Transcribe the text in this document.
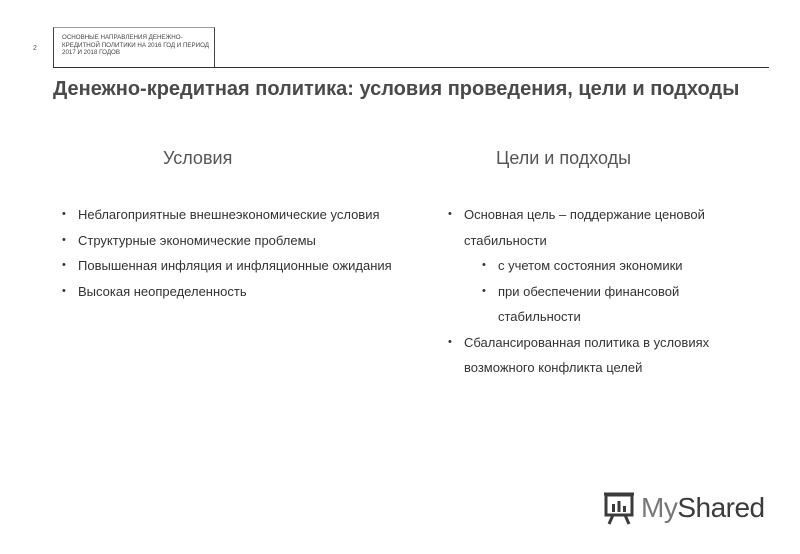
2
ОСНОВНЫЕ НАПРАВЛЕНИЯ ДЕНЕЖНО-КРЕДИТНОЙ ПОЛИТИКИ НА 2016 ГОД И ПЕРИОД 2017 И 2018 ГОДОВ
Денежно-кредитная политика: условия проведения, цели и подходы
Условия	Цели и подходы
• Неблагоприятные внешнеэкономические условия
• Структурные экономические проблемы
• Повышенная инфляция и инфляционные ожидания
• Высокая неопределенность
• Основная цель – поддержание ценовой стабильности
• с учетом состояния экономики
• при обеспечении финансовой стабильности
• Сбалансированная политика в условиях возможного конфликта целей
MyShared
